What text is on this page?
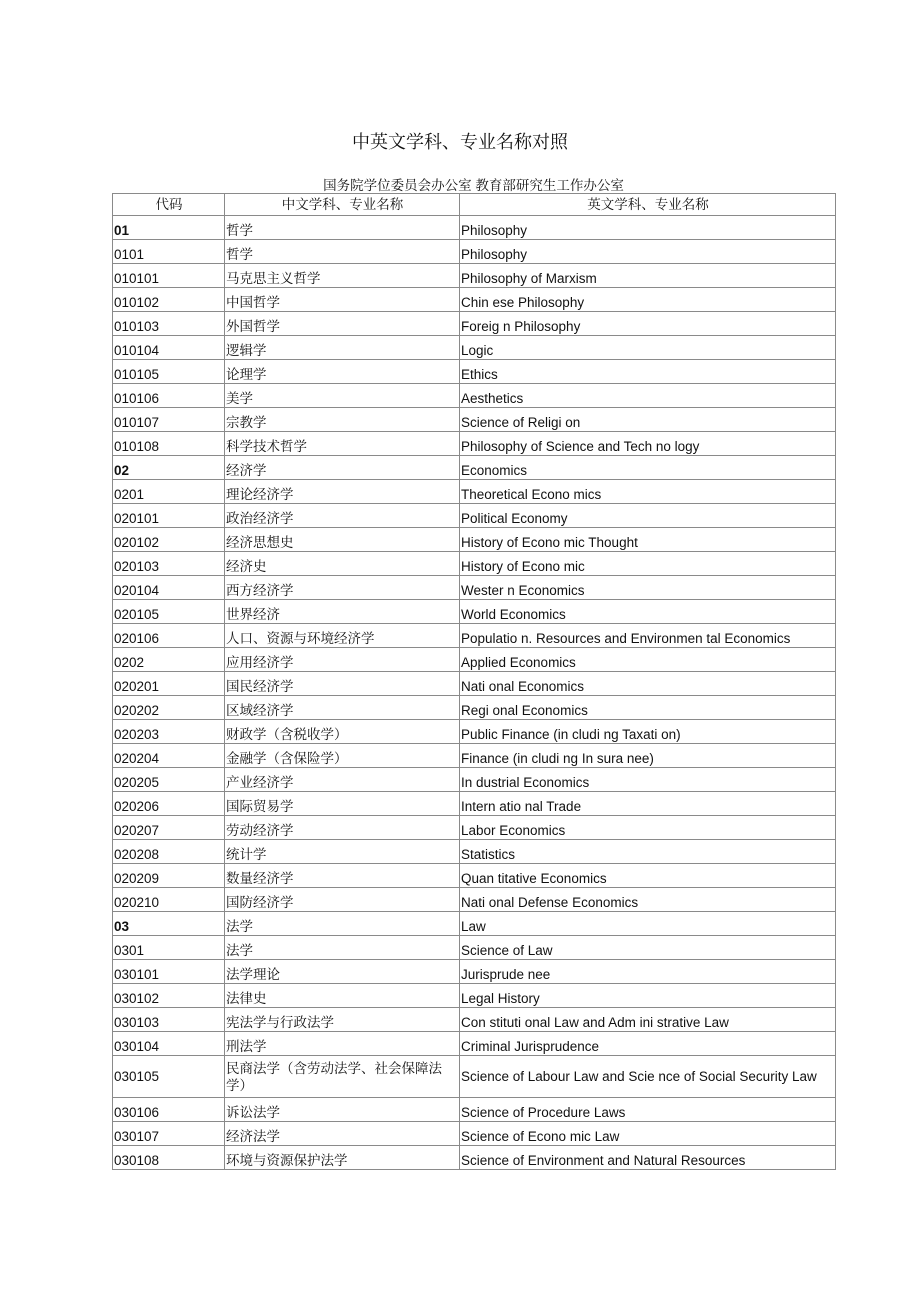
中英文学科、专业名称对照
国务院学位委员会办公室 教育部研究生工作办公室
代码	中文学科、专业名称	英文学科、专业名称
01	哲学	Philosophy
0101	哲学	Philosophy
010101	马克思主义哲学	Philosophy of Marxism
010102	中国哲学	Chin ese Philosophy
010103	外国哲学	Foreig n Philosophy
010104	逻辑学	Logic
010105	论理学	Ethics
010106	美学	Aesthetics
010107	宗教学	Science of Religi on
010108	科学技术哲学	Philosophy of Science and Tech no logy
02	经济学	Economics
0201	理论经济学	Theoretical Econo mics
020101	政治经济学	Political Economy
020102	经济思想史	History of Econo mic Thought
020103	经济史	History of Econo mic
020104	西方经济学	Wester n Economics
020105	世界经济	World Economics
020106	人口、资源与环境经济学	Populatio n. Resources and Environmen tal Economics
0202	应用经济学	Applied Economics
020201	国民经济学	Nati onal Economics
020202	区域经济学	Regi onal Economics
020203	财政学（含税收学）	Public Finance (in cludi ng Taxati on)
020204	金融学（含保险学）	Finance (in cludi ng In sura nee)
020205	产业经济学	In dustrial Economics
020206	国际贸易学	Intern atio nal Trade
020207	劳动经济学	Labor Economics
020208	统计学	Statistics
020209	数量经济学	Quan titative Economics
020210	国防经济学	Nati onal Defense Economics
03	法学	Law
0301	法学	Science of Law
030101	法学理论	Jurisprude nee
030102	法律史	Legal History
030103	宪法学与行政法学	Con stituti onal Law and Adm ini strative Law
030104	刑法学	Criminal Jurisprudence
030105	民商法学（含劳动法学、社会保障法学）	Science of Labour Law and Scie nce of Social Security Law
030106	诉讼法学	Science of Procedure Laws
030107	经济法学	Science of Econo mic Law
030108	环境与资源保护法学	Science of Environment and Natural Resources
